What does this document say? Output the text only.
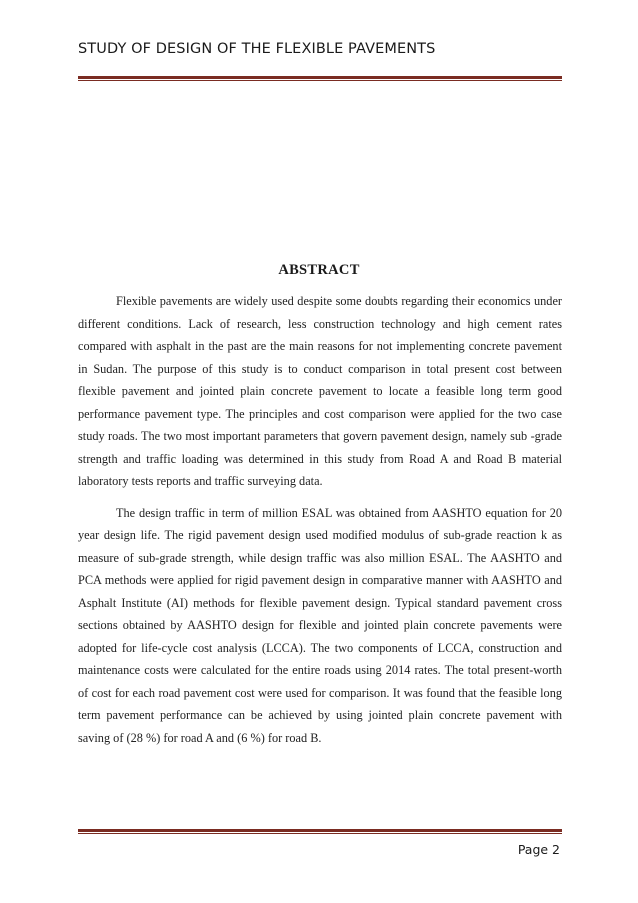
STUDY OF DESIGN OF THE FLEXIBLE PAVEMENTS
ABSTRACT

Flexible pavements are widely used despite some doubts regarding their economics under different conditions. Lack of research, less construction technology and high cement rates compared with asphalt in the past are the main reasons for not implementing concrete pavement in Sudan. The purpose of this study is to conduct comparison in total present cost between flexible pavement and jointed plain concrete pavement to locate a feasible long term good performance pavement type. The principles and cost comparison were applied for the two case study roads. The two most important parameters that govern pavement design, namely sub -grade strength and traffic loading was determined in this study from Road A and Road B material laboratory tests reports and traffic surveying data.

The design traffic in term of million ESAL was obtained from AASHTO equation for 20 year design life. The rigid pavement design used modified modulus of sub-grade reaction k as measure of sub-grade strength, while design traffic was also million ESAL. The AASHTO and PCA methods were applied for rigid pavement design in comparative manner with AASHTO and Asphalt Institute (AI) methods for flexible pavement design. Typical standard pavement cross sections obtained by AASHTO design for flexible and jointed plain concrete pavements were adopted for life-cycle cost analysis (LCCA). The two components of LCCA, construction and maintenance costs were calculated for the entire roads using 2014 rates. The total present-worth of cost for each road pavement cost were used for comparison. It was found that the feasible long term pavement performance can be achieved by using jointed plain concrete pavement with saving of (28 %) for road A and (6 %) for road B.

Page 2
